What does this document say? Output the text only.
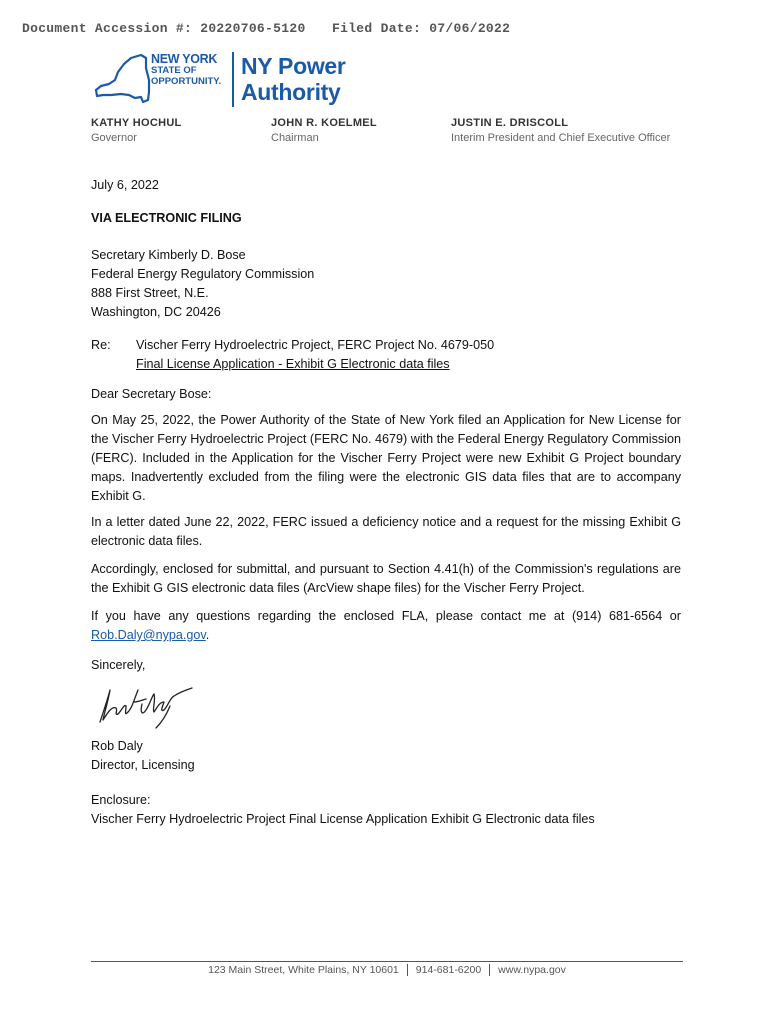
Document Accession #: 20220706-5120 Filed Date: 07/06/2022
NEW YORK
STATE OF
OPPORTUNITY.
NY Power
Authority
KATHY HOCHUL
Governor
JOHN R. KOELMEL
Chairman
JUSTIN E. DRISCOLL
Interim President and Chief Executive Officer
July 6, 2022
VIA ELECTRONIC FILING
Secretary Kimberly D. Bose
Federal Energy Regulatory Commission
888 First Street, N.E.
Washington, DC 20426
Re: Vischer Ferry Hydroelectric Project, FERC Project No. 4679-050
Final License Application - Exhibit G Electronic data files
Dear Secretary Bose:
On May 25, 2022, the Power Authority of the State of New York filed an Application for New License for the Vischer Ferry Hydroelectric Project (FERC No. 4679) with the Federal Energy Regulatory Commission (FERC). Included in the Application for the Vischer Ferry Project were new Exhibit G Project boundary maps. Inadvertently excluded from the filing were the electronic GIS data files that are to accompany Exhibit G.
In a letter dated June 22, 2022, FERC issued a deficiency notice and a request for the missing Exhibit G electronic data files.
Accordingly, enclosed for submittal, and pursuant to Section 4.41(h) of the Commission's regulations are the Exhibit G GIS electronic data files (ArcView shape files) for the Vischer Ferry Project.
If you have any questions regarding the enclosed FLA, please contact me at (914) 681-6564 or Rob.Daly@nypa.gov.
Sincerely,
Rob Daly
Director, Licensing
Enclosure:
Vischer Ferry Hydroelectric Project Final License Application Exhibit G Electronic data files
123 Main Street, White Plains, NY 10601 914-681-6200 www.nypa.gov
